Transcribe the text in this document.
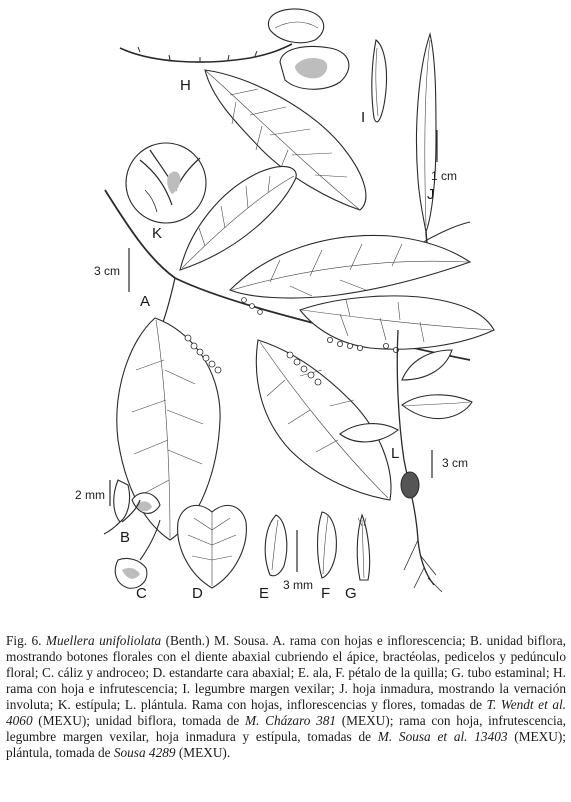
A
B
C	D	E	F G
H
I
J
K
L
3 cm
1 cm
3 cm
2 mm
3 mm
Fig. 6. Muellera unifoliolata (Benth.) M. Sousa. A. rama con hojas e inflorescencia; B. unidad biflora, mostrando botones florales con el diente abaxial cubriendo el ápice, bractéolas, pedicelos y pedúnculo floral; C. cáliz y androceo; D. estandarte cara abaxial; E. ala, F. pétalo de la quilla; G. tubo estaminal; H. rama con hoja e infrutescencia; I. legumbre margen vexilar; J. hoja inmadura, mostrando la vernación involuta; K. estípula; L. plántula. Rama con hojas, inflorescencias y flores, tomadas de T. Wendt et al. 4060 (MEXU); unidad biflora, tomada de M. Cházaro 381 (MEXU); rama con hoja, infrutescencia, legumbre margen vexilar, hoja inmadura y estípula, tomadas de M. Sousa et al. 13403 (MEXU); plántula, tomada de Sousa 4289 (MEXU).
